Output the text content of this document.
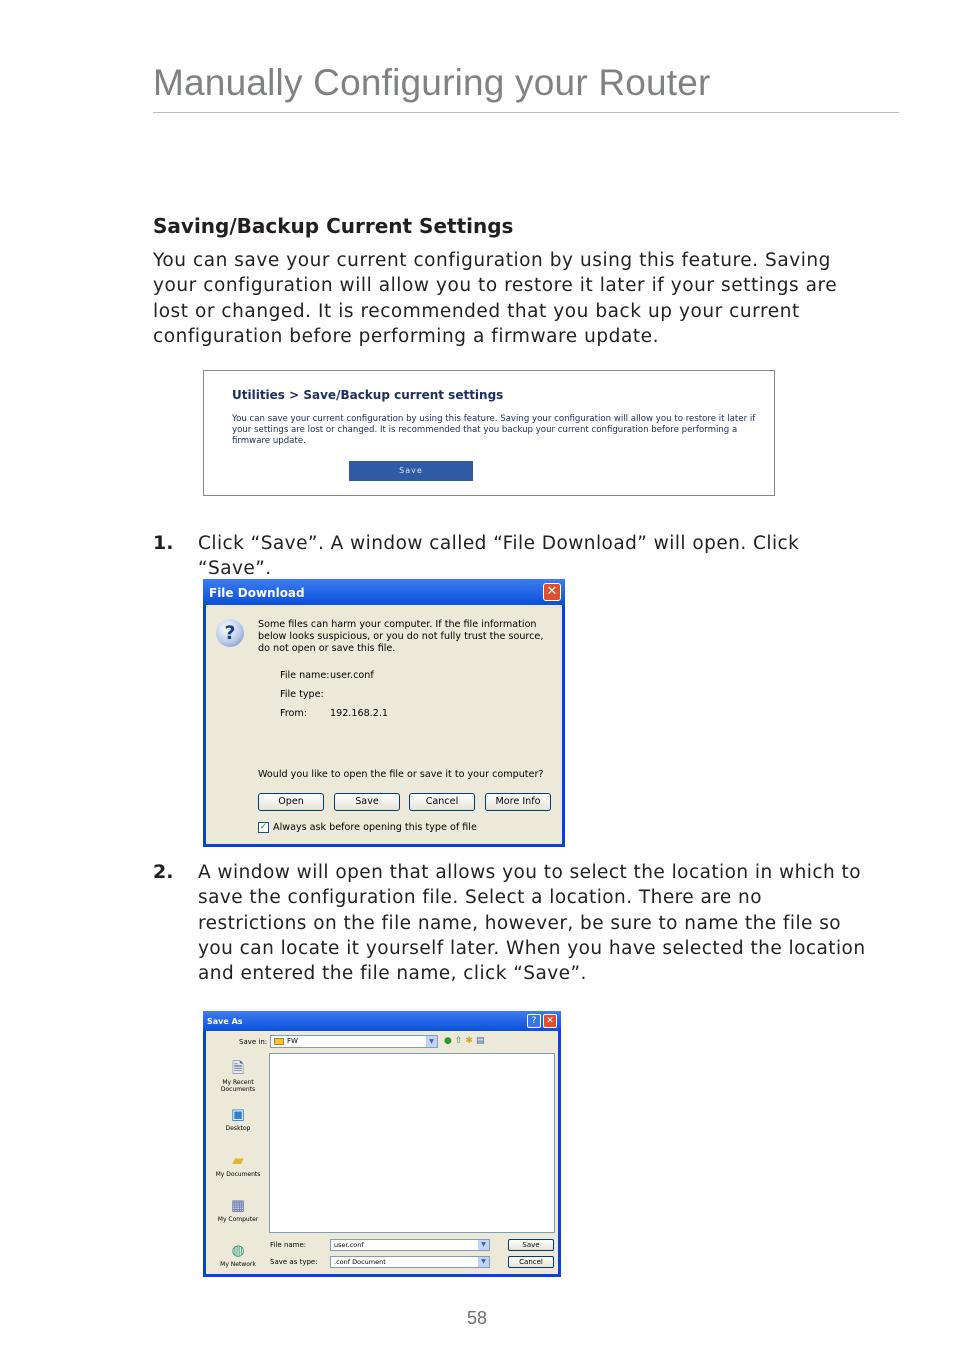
Manually Configuring your Router
Saving/Backup Current Settings

You can save your current configuration by using this feature. Saving your configuration will allow you to restore it later if your settings are lost or changed. It is recommended that you back up your current configuration before performing a firmware update.

Utilities > Save/Backup current settings

You can save your current configuration by using this feature. Saving your configuration will allow you to restore it later if your settings are lost or changed. It is recommended that you backup your current configuration before performing a firmware update.

Save
1. Click “Save”. A window called “File Download” will open. Click “Save”.

File Download	✕
?	Some files can harm your computer. If the file information below looks suspicious, or you do not fully trust the source, do not open or save this file.

File name: user.conf
File type:
From: 192.168.2.1
Would you like to open the file or save it to your computer?
Open	Save	Cancel	More Info
✓ Always ask before opening this type of file
2. A window will open that allows you to select the location in which to save the configuration file. Select a location. There are no restrictions on the file name, however, be sure to name the file so you can locate it yourself later. When you have selected the location and entered the file name, click “Save”.

Save As	?	✕
Save in:	FW	▼	●⇧✱▤
🗎
My Recent Documents
▣
Desktop
▰
My Documents
▦
My Computer
◍
My Network
File name:	user.conf	▼
Save as type:	.conf Document	▼
Save
Cancel
58
